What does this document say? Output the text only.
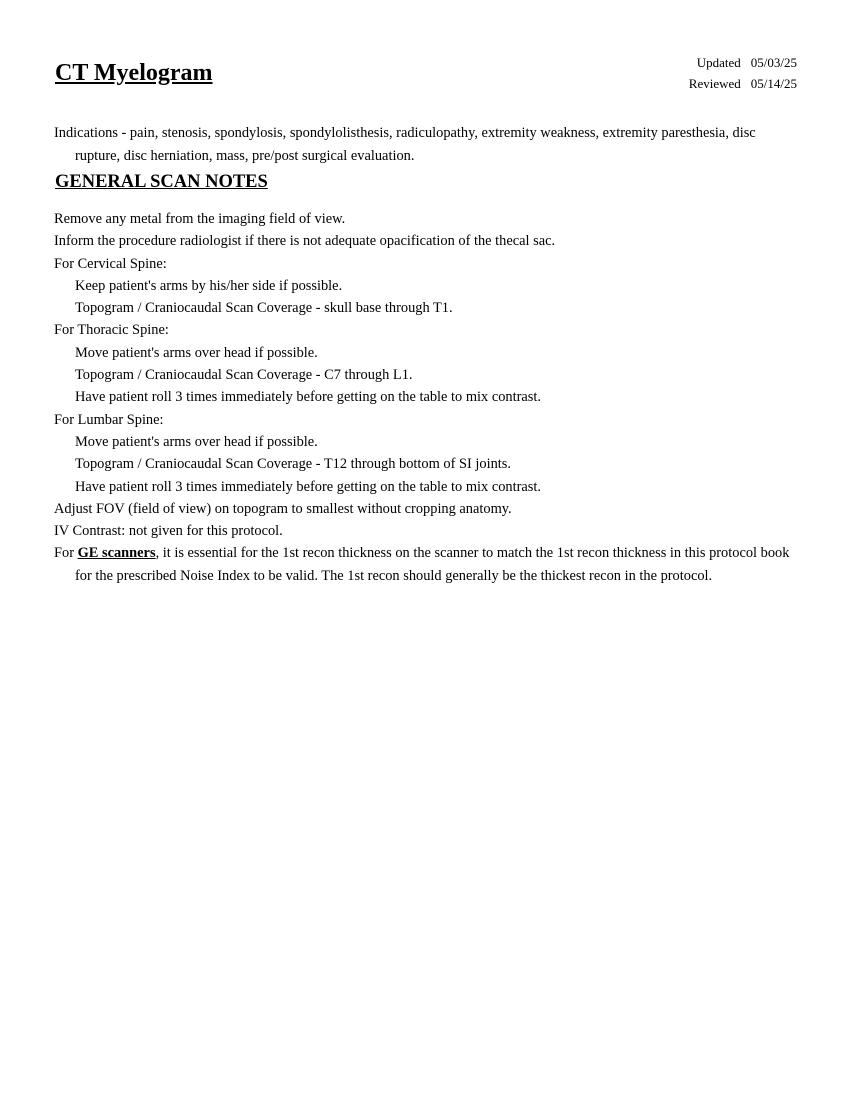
CT Myelogram	Updated 05/03/25
Reviewed 05/14/25

Indications - pain, stenosis, spondylosis, spondylolisthesis, radiculopathy, extremity weakness, extremity paresthesia, disc rupture, disc herniation, mass, pre/post surgical evaluation.

GENERAL SCAN NOTES
Remove any metal from the imaging field of view.
Inform the procedure radiologist if there is not adequate opacification of the thecal sac.
For Cervical Spine:
Keep patient's arms by his/her side if possible.
Topogram / Craniocaudal Scan Coverage - skull base through T1.
For Thoracic Spine:
Move patient's arms over head if possible.
Topogram / Craniocaudal Scan Coverage - C7 through L1.
Have patient roll 3 times immediately before getting on the table to mix contrast.
For Lumbar Spine:
Move patient's arms over head if possible.
Topogram / Craniocaudal Scan Coverage - T12 through bottom of SI joints.
Have patient roll 3 times immediately before getting on the table to mix contrast.
Adjust FOV (field of view) on topogram to smallest without cropping anatomy.
IV Contrast: not given for this protocol.
For GE scanners, it is essential for the 1st recon thickness on the scanner to match the 1st recon thickness in this protocol book for the prescribed Noise Index to be valid. The 1st recon should generally be the thickest recon in the protocol.
